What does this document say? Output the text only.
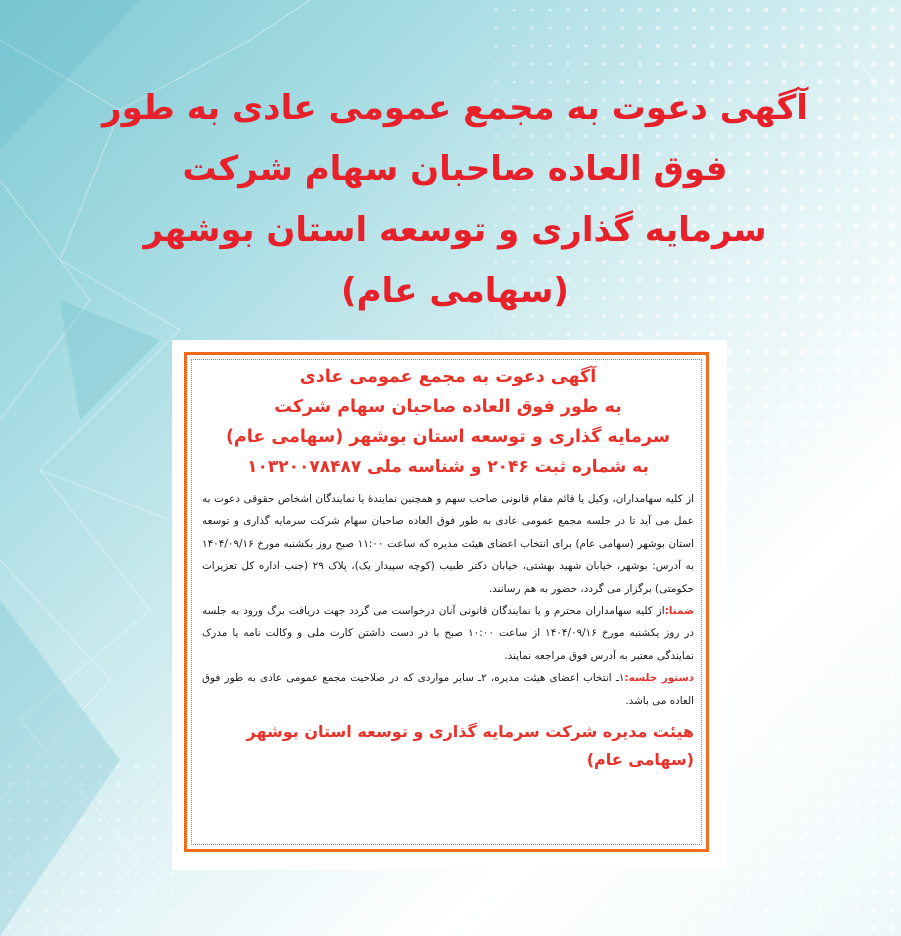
آگهی دعوت به مجمع عمومی عادی به طور
فوق العاده صاحبان سهام شرکت
سرمایه گذاری و توسعه استان بوشهر
(سهامی عام)
آگهی دعوت به مجمع عمومی عادی
به طور فوق العاده صاحبان سهام شرکت
سرمایه گذاری و توسعه استان بوشهر (سهامی عام)
به شماره ثبت ۲۰۴۶ و شناسه ملی ۱۰۳۲۰۰۷۸۴۸۷

از کلیه سهامداران، وکیل یا قائم مقام قانونی صاحب سهم و همچنین نمایندهٔ یا نمایندگان اشخاص حقوقی دعوت به عمل می آید تا در جلسه مجمع عمومی عادی به طور فوق العاده صاحبان سهام شرکت سرمایه گذاری و توسعه استان بوشهر (سهامی عام) برای انتخاب اعضای هیئت مدیره که ساعت ۱۱:۰۰ صبح روز یکشنبه مورخ ۱۴۰۴/۰۹/۱۶ به آدرس: بوشهر، خیابان شهید بهشتی، خیابان دکتر طبیب (کوچه سپیدار یک)، پلاک ۲۹ (جنب اداره کل تعزیرات حکومتی) برگزار می گردد، حضور به هم رسانند.

ضمنا:از کلیه سهامداران محترم و یا نمایندگان قانونی آنان درخواست می گردد جهت دریافت برگ ورود به جلسه در روز یکشنبه مورخ ۱۴۰۴/۰۹/۱۶ از ساعت ۱۰:۰۰ صبح با در دست داشتن کارت ملی و وکالت نامه یا مدرک نمایندگی معتبر به آدرس فوق مراجعه نمایند.

دستور جلسه:۱ـ انتخاب اعضای هیئت مدیره، ۲ـ سایر مواردی که در صلاحیت مجمع عمومی عادی به طور فوق العاده می باشد.

هیئت مدیره شرکت سرمایه گذاری و توسعه استان بوشهر
(سهامی عام)
